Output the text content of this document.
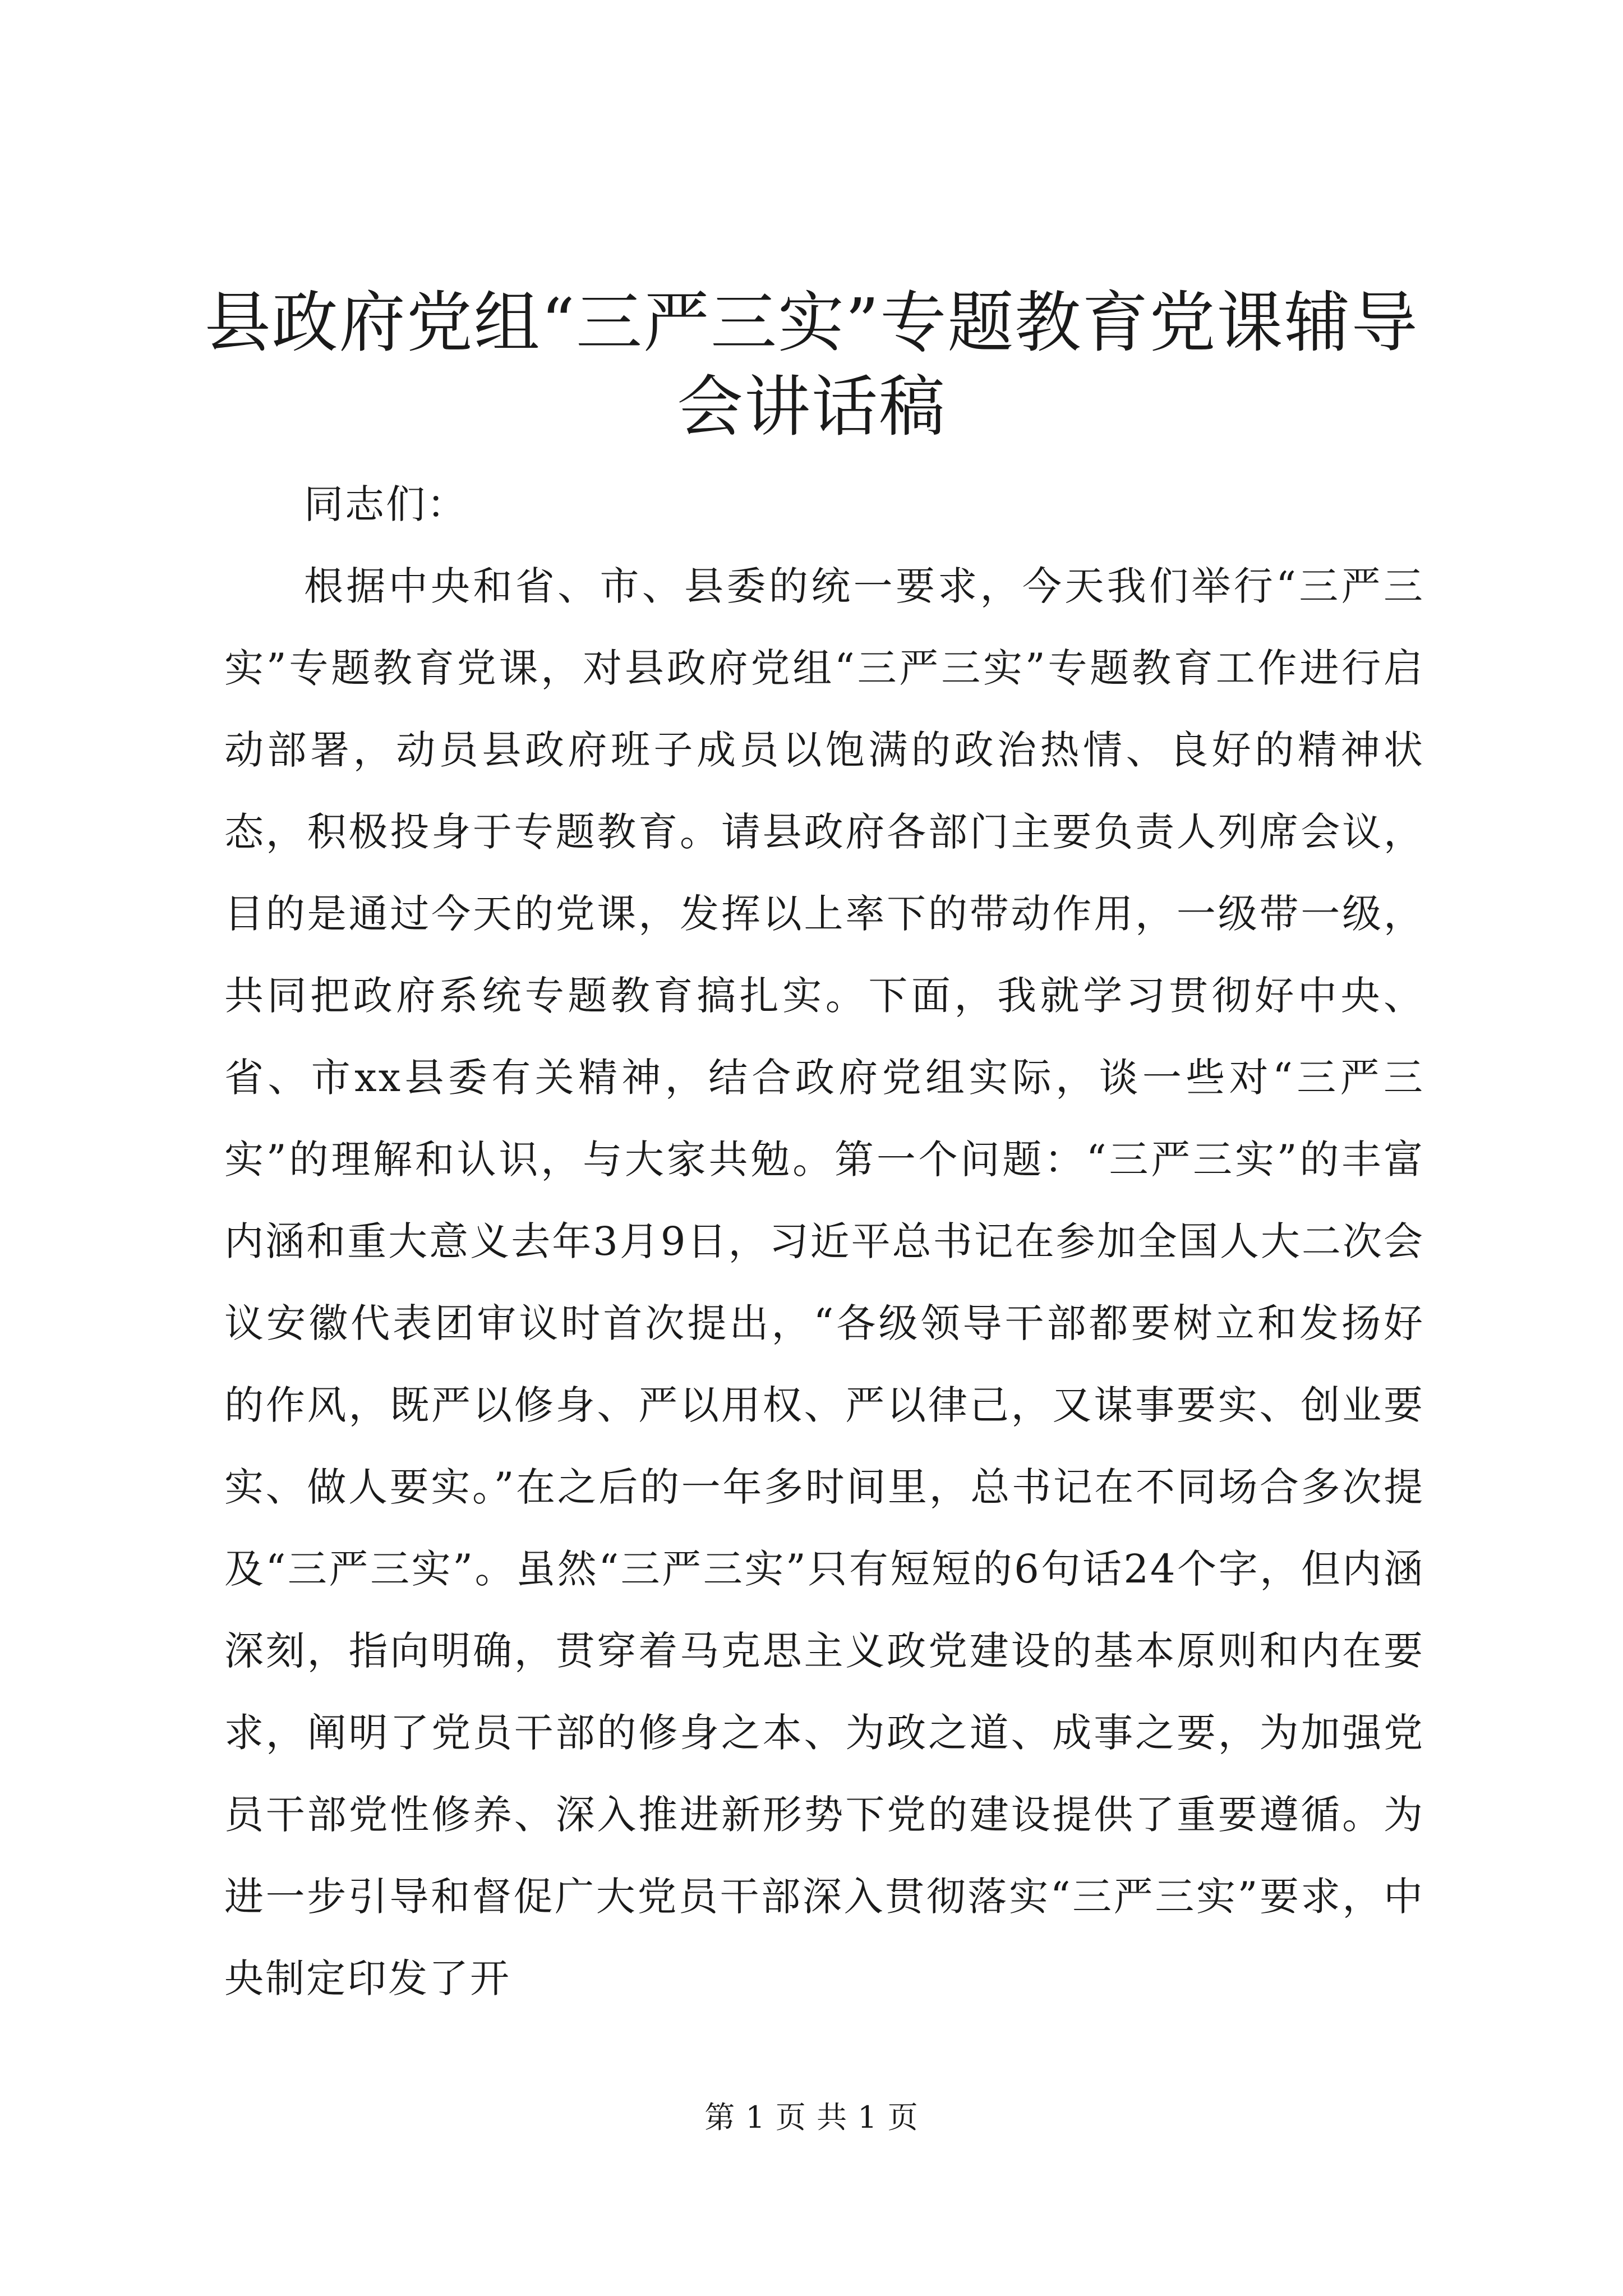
县政府党组“三严三实”专题教育党课辅导会讲话稿
同志们：
根据中央和省、市、县委的统一要求，今天我们举行“三严三实”专题教育党课，对县政府党组“三严三实”专题教育工作进行启动部署，动员县政府班子成员以饱满的政治热情、良好的精神状态，积极投身于专题教育。请县政府各部门主要负责人列席会议，目的是通过今天的党课，发挥以上率下的带动作用，一级带一级，共同把政府系统专题教育搞扎实。下面，我就学习贯彻好中央、省、市xx县委有关精神，结合政府党组实际，谈一些对“三严三实”的理解和认识，与大家共勉。第一个问题：“三严三实”的丰富内涵和重大意义去年3月9日，习近平总书记在参加全国人大二次会议安徽代表团审议时首次提出，“各级领导干部都要树立和发扬好的作风，既严以修身、严以用权、严以律己，又谋事要实、创业要实、做人要实。”在之后的一年多时间里，总书记在不同场合多次提及“三严三实”。虽然“三严三实”只有短短的6句话24个字，但内涵深刻，指向明确，贯穿着马克思主义政党建设的基本原则和内在要求，阐明了党员干部的修身之本、为政之道、成事之要，为加强党员干部党性修养、深入推进新形势下党的建设提供了重要遵循。为进一步引导和督促广大党员干部深入贯彻落实“三严三实”要求，中央制定印发了开
第 1 页 共 1 页
